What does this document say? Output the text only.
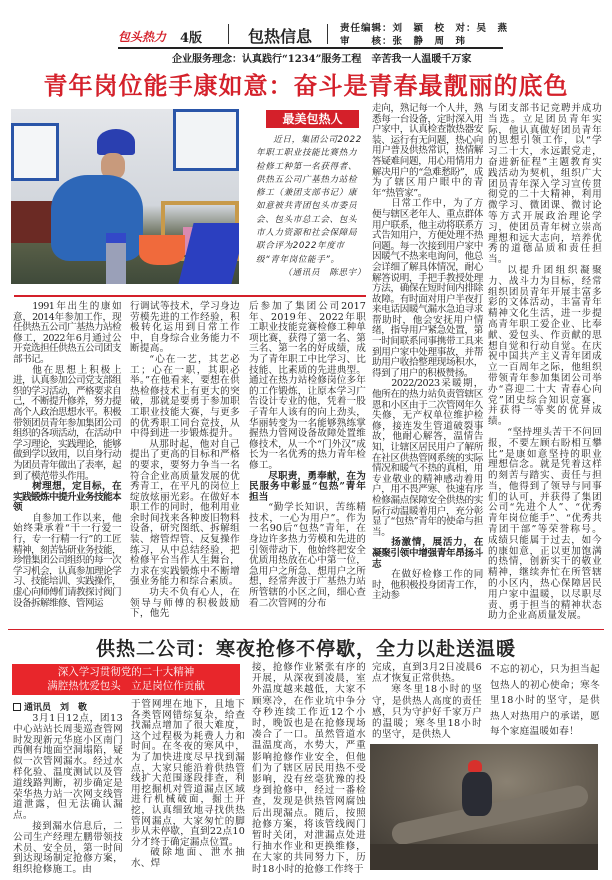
包头热力 4版	包热信息	责任编辑：刘　颖　校　对：吴　燕
审　　核：张　静　周　玮
企业服务理念：认真践行“1234”服务工程　辛苦我一人温暖千万家
青年岗位能手康如意：奋斗是青春最靓丽的底色
最美包热人
近日，集团公司2022年职工职业技能比赛热力检修工种第一名获得者、供热五公司广基热力站检修工（兼团支部书记）康如意被共青团包头市委员会、包头市总工会、包头市人力资源和社会保障局联合评为2022年度市级“青年岗位能手”。
（通讯员　陈思宇）

1991年出生的康如意，2014年参加工作，现任供热五公司广基热力站检修工，2022年6月通过公开竞选担任供热五公司团支部书记。

他在思想上积极上进，认真参加公司党支部组织的学习活动，严格要求自己，不断提升修养，努力提高个人政治思想水平。积极带领团员青年参加集团公司组织的各项活动，在活动中学习理论，实践理论，能够做到学以致用，以自身行动为团员青年做出了表率，起到了模范带头作用。

树理想，定目标，在实践锻炼中提升业务技能本领

自参加工作以来，他始终秉承着“干一行爱一行，专一行精一行”的工匠精神，刻苦钻研业务技能，珍惜集团公司组织的每一次学习机会，认真参加理论学习、技能培训、实践操作，虚心向师傅们请教探讨阀门设备拆解维修、管网运

行调试等技术，学习身边劳模先进的工作经验，积极转化运用到日常工作中，自身综合业务能力不断提高。

“心在一艺，其艺必工；心在一职，其职必举。”在他看来，要想在供热检修技术上有更大的突破，那就是要勇于参加职工职业技能大赛，与更多的优秀职工同台竞技，从中得到进一步锻炼提升。

从那时起，他对自己提出了更高的目标和严格的要求，要努力争当一名符合企业高质量发展的优秀青工，在平凡的岗位上绽放炫丽光彩。在做好本职工作的同时，他利用业余时间找来各种废旧物料设备，研究图纸、拆解组装、熔管焊管、反复操作练习，从中总结经验，把检修平台当作人生舞台，力求在实践锻炼中不断增强业务能力和综合素质。

功夫不负有心人，在领导与师傅的积极鼓励下，他先

后参加了集团公司2017年、2019年、2022年职工职业技能竞赛检修工种单项比赛，获得了第一名、第三名、第一名的好成绩，成为了青年职工中比学习、比技能、比素质的先进典型。通过在热力站检修岗位多年的工作锻炼，让原本学习广告设计专业的他，凭着一股子青年人该有的向上劲头，华丽转变为一名能够熟练掌握热力管网设备故障处置维修技术，从一个“门外汉”成长为一名优秀的热力青年检修工。

尽职责，勇奉献，在为民服务中彰显“包热”青年担当

“勤学长知识，苦练精技术，一心为用户”。作为一名90后“包热”青年，在身边许多热力劳模和先进的引领带动下，他始终把安全优质用热放在心中第一位，急用户之所急、想用户之所想，经常奔波于广基热力站所管辖的小区之间，细心查看二次管网的分布

走向，熟记每一个人井，熟悉每一台设备，定时深入用户家中，认真检查散热器安装、运行有无问题，热心向用户普及供热常识，热情解答疑难问题，用心用情用力解决用户的“急难愁盼”，成为了辖区用户眼中的青年“热管家”。

日常工作中，为了方便与辖区老年人、重点群体用户联系，他主动将联系方式告知用户，方便处理不热问题。每一次接到用户家中因暖气不热来电询问，他总会详细了解具体情况，耐心解答说明，手把手教授处理方法，确保在短时间内排除故障。有时面对用户半夜打来电话因暖气漏水急迫寻求帮助时，他会安抚用户情绪，指导用户紧急处置，第一时间联系同事携带工具来到用户家中处理事故，并帮助用户收拾整理现场积水，得到了用户的积极赞扬。

2022/2023采暖期，他所在的热力站负责管辖区恩和小区由于二次管网年久失修，无产权单位维护检修，接连发生管道破裂事故，他耐心解答，温情告知，让辖区居民用户了解所在社区供热管网系统的实际情况和暖气不热的真相，用专业敬业的精神感动着用户，用不畏严寒、快速有序检修漏点保障安全供热的实际行动温暖着用户，充分彰显了“包热”青年的使命与担当。

扬激情，展活力，在凝聚引领中增强青年昂扬斗志

在做好检修工作的同时，他积极投身团青工作，主动参

与团支部书记竞聘并成功当选。立足团员青年实际，他认真做好团员青年的思想引领工作，以“学习二十大，永远跟党走，奋进新征程”主题教育实践活动为契机，组织广大团员青年深入学习宣传贯彻党的二十大精神，利用微学习、微团课、微讨论等方式开展政治理论学习，使团员青年树立崇高理想和远大志向，培养优秀的道德品质和责任担当。

以提升团组织凝聚力、战斗力为目标，经常组织团员青年开展丰富多彩的文体活动，丰富青年精神文化生活，进一步提高青年职工爱企业、比奉献、爱包头、作贡献的思想自觉和行动自觉。在庆祝中国共产主义青年团成立一百周年之际，他组织带领青年参加集团公司举办“喜迎二十大 青春心向党”团史综合知识竞赛，并获得一等奖的优异成绩。

“坚持埋头苦干不问回报，不要左顾右盼相互攀比”是康如意坚持的职业理想信念。就是凭着这样的刻苦与踏实、责任与担当，他得到了领导与同事们的认可，并获得了集团公司“先进个人”、“优秀青年岗位能手”、“优秀共青团干部”等荣誉称号。成绩只能属于过去，如今的康如意，正以更加饱满的热情，创新实干的敬业精神，继续奔忙在所管辖的小区内，热心保障居民用户家中温暖，以尽职尽责、勇于担当的精神状态助力企业高质量发展。

供热二公司：寒夜抢修不停歇，全力以赴送温暖
深入学习贯彻党的二十大精神
满腔热忱爱包头　立足岗位作贡献
通讯员　刘　敬

3月1日12点，团13中心站站长周斐巡查管网时发现新元华庭小区南门西侧有地面空洞塌陷，疑似一次管网漏水。经过水样化验、温度测试以及管道线路判断，初步确定是荣华热力站一次网支线管道泄露，但无法确认漏点。

接到漏水信息后，二公司生产经理左鹏带领技术员、安全员，第一时间到达现场制定抢修方案，组织抢修施工。由

于管网埋在地下，且地下各类管网错综复杂，给查找漏点增加了很大难度，这个过程极为耗费人力和时间。在冬夜的寒风中，为了加快进度尽早找到漏点，大家只能沿着供热管线扩大范围逐段排查，利用挖掘机对管道漏点区域进行机械破面，掘土开挖，认真细致地寻找供热管网漏点，大家匆忙的脚步从未停歇，直到22点10分才终于确定漏点位置。

破除地面、泄水抽水、焊

接，抢修作业紧张有序的开展，从深夜到凌晨，室外温度越来越低，大家不顾寒冷，在作业坑中争分夺秒连续工作近12个小时，晚饭也是在抢修现场凑合了一口。虽然管道水温温度高，水势大，严重影响抢修作业安全，但他们为了辖区居民用热不受影响，没有丝毫犹豫的投身到抢修中，经过一番检查，发现是供热管网腐蚀后出现漏点。随后，按照抢修方案，将该管线阀门暂时关闭，对泄漏点处进行抽水作业和更换维修，在大家的共同努力下，历时18小时的抢修工作终于

完成，直到3月2日凌晨6点才恢复正常供热。

寒冬里18小时的坚守，是供热人高度的责任感，只为守护好千家万户的温暖；寒冬里18小时的坚守，是供热人

不忘的初心，只为担当起包热人的初心使命；寒冬里18小时的坚守，是供热人对热用户的承诺，愿每个家庭温暖如春！
